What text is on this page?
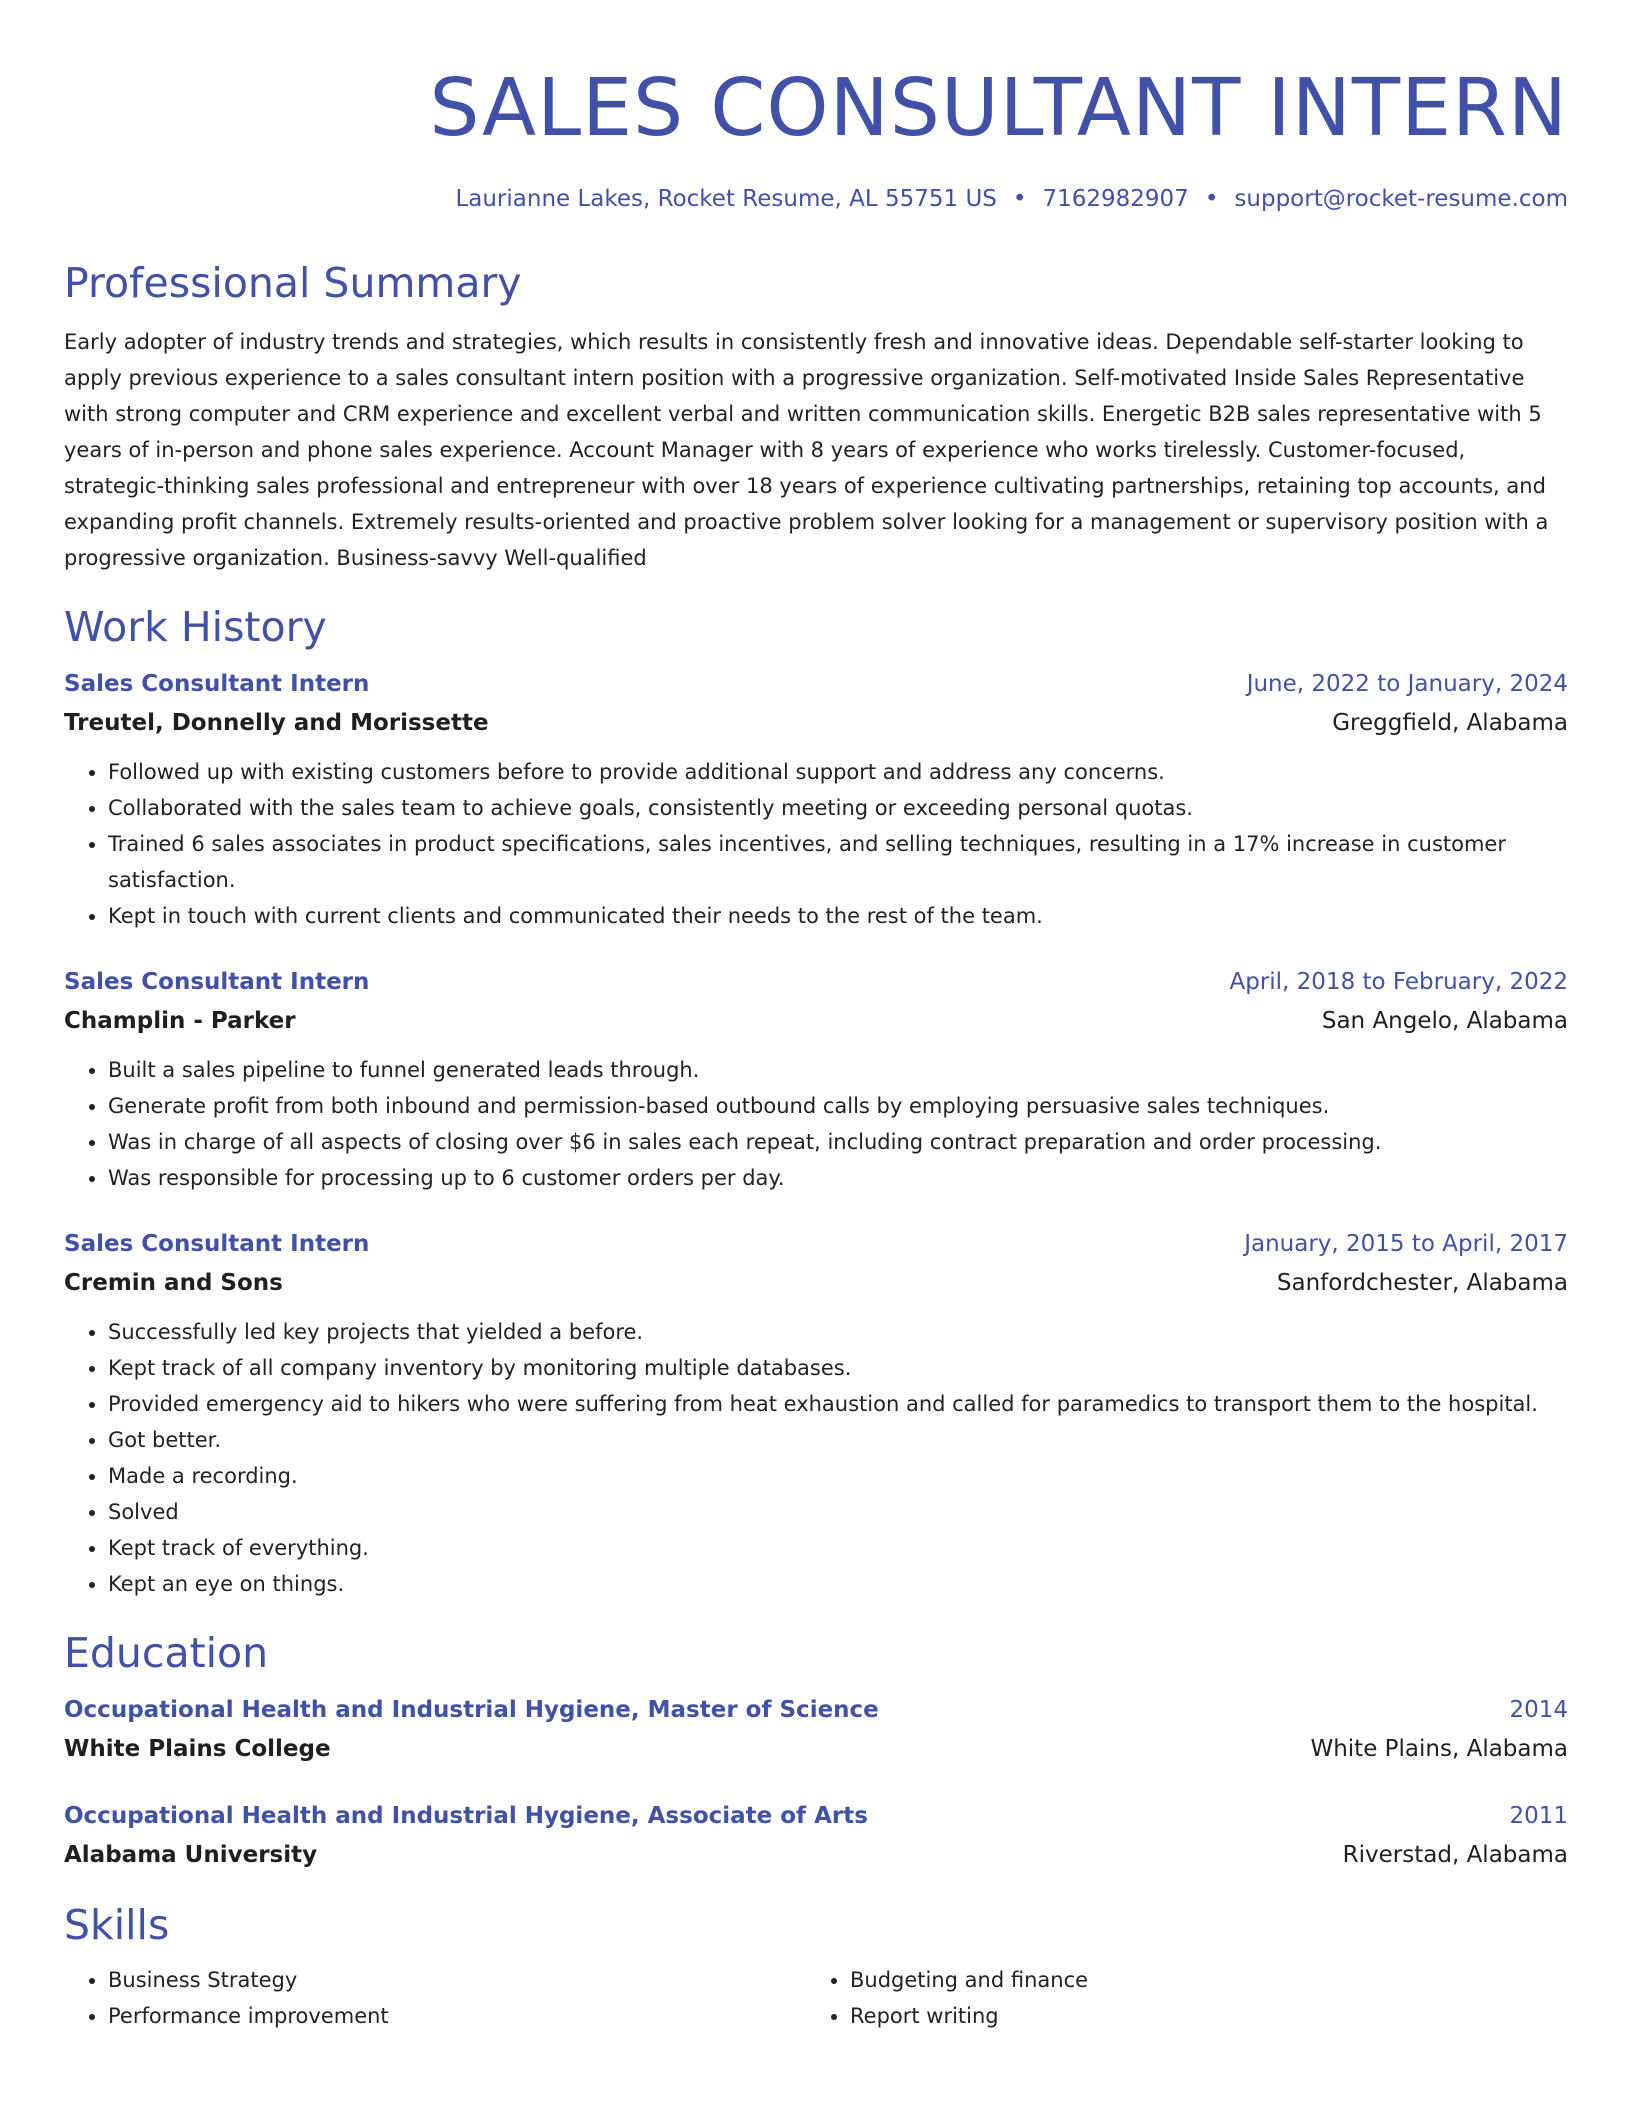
SALES CONSULTANT INTERN
Laurianne Lakes, Rocket Resume, AL 55751 US • 7162982907 • support@rocket-resume.com
Professional Summary
Early adopter of industry trends and strategies, which results in consistently fresh and innovative ideas. Dependable self-starter looking to apply previous experience to a sales consultant intern position with a progressive organization. Self-motivated Inside Sales Representative with strong computer and CRM experience and excellent verbal and written communication skills. Energetic B2B sales representative with 5 years of in-person and phone sales experience. Account Manager with 8 years of experience who works tirelessly. Customer-focused, strategic-thinking sales professional and entrepreneur with over 18 years of experience cultivating partnerships, retaining top accounts, and expanding profit channels. Extremely results-oriented and proactive problem solver looking for a management or supervisory position with a progressive organization. Business-savvy Well-qualified
Work History
Sales Consultant Intern	June, 2022 to January, 2024
Treutel, Donnelly and Morissette	Greggfield, Alabama
• Followed up with existing customers before to provide additional support and address any concerns.
• Collaborated with the sales team to achieve goals, consistently meeting or exceeding personal quotas.
• Trained 6 sales associates in product specifications, sales incentives, and selling techniques, resulting in a 17% increase in customer satisfaction.
• Kept in touch with current clients and communicated their needs to the rest of the team.
Sales Consultant Intern	April, 2018 to February, 2022
Champlin - Parker	San Angelo, Alabama
• Built a sales pipeline to funnel generated leads through.
• Generate profit from both inbound and permission-based outbound calls by employing persuasive sales techniques.
• Was in charge of all aspects of closing over $6 in sales each repeat, including contract preparation and order processing.
• Was responsible for processing up to 6 customer orders per day.
Sales Consultant Intern	January, 2015 to April, 2017
Cremin and Sons	Sanfordchester, Alabama
• Successfully led key projects that yielded a before.
• Kept track of all company inventory by monitoring multiple databases.
• Provided emergency aid to hikers who were suffering from heat exhaustion and called for paramedics to transport them to the hospital.
• Got better.
• Made a recording.
• Solved
• Kept track of everything.
• Kept an eye on things.
Education
Occupational Health and Industrial Hygiene, Master of Science	2014
White Plains College	White Plains, Alabama
Occupational Health and Industrial Hygiene, Associate of Arts	2011
Alabama University	Riverstad, Alabama
Skills
• Business Strategy
• Performance improvement
• Budgeting and finance
• Report writing
